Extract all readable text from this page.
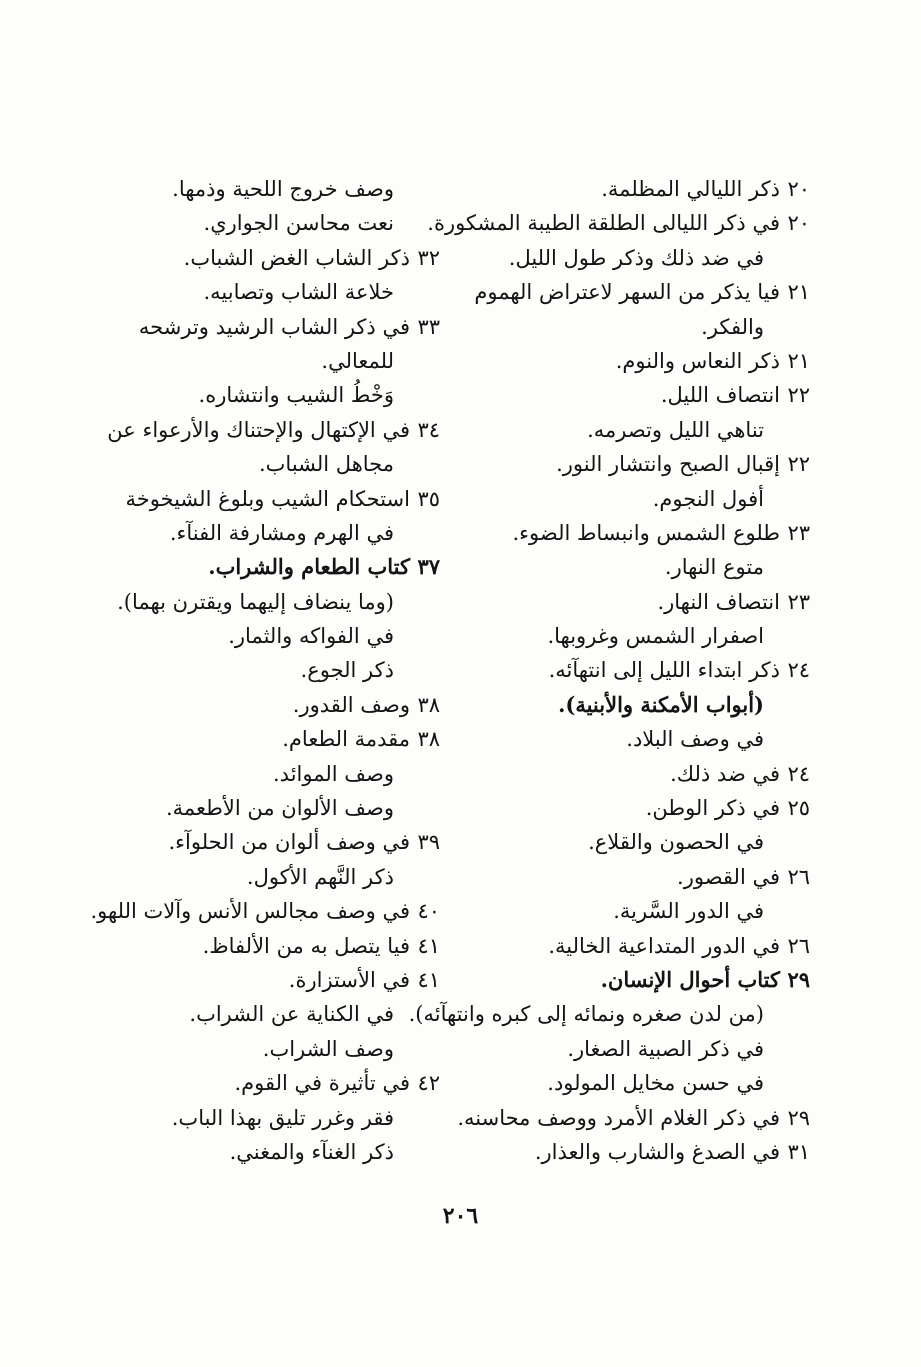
٢٠
ذكر الليالي المظلمة.
٢٠
في ذكر الليالى الطلقة الطيبة المشكورة.
في ضد ذلك وذكر طول الليل.
٢١
فيا يذكر من السهر لاعتراض الهموم
والفكر.
٢١
ذكر النعاس والنوم.
٢٢
انتصاف الليل.
تناهي الليل وتصرمه.
٢٢
إقبال الصبح وانتشار النور.
أفول النجوم.
٢٣
طلوع الشمس وانبساط الضوء.
متوع النهار.
٢٣
انتصاف النهار.
اصفرار الشمس وغروبها.
٢٤
ذكر ابتداء الليل إلى انتهآئه.
(أبواب الأمكنة والأبنية).
في وصف البلاد.
٢٤
في ضد ذلك.
٢٥
في ذكر الوطن.
في الحصون والقلاع.
٢٦
في القصور.
في الدور السَّرية.
٢٦
في الدور المتداعية الخالية.
٢٩
كتاب أحوال الإنسان.
(من لدن صغره ونمائه إلى كبره وانتهآئه).
في ذكر الصبية الصغار.
في حسن مخايل المولود.
٢٩
في ذكر الغلام الأمرد ووصف محاسنه.
٣١
في الصدغ والشارب والعذار.
وصف خروج اللحية وذمها.
نعت محاسن الجواري.
٣٢
ذكر الشاب الغض الشباب.
خلاعة الشاب وتصابيه.
٣٣
في ذكر الشاب الرشيد وترشحه
للمعالي.
وَخْطُ الشيب وانتشاره.
٣٤
في الإكتهال والإحتناك والأرعواء عن
مجاهل الشباب.
٣٥
استحكام الشيب وبلوغ الشيخوخة
في الهرم ومشارفة الفنآء.
٣٧
كتاب الطعام والشراب.
(وما ينضاف إليهما ويقترن بهما).
في الفواكه والثمار.
ذكر الجوع.
٣٨
وصف القدور.
٣٨
مقدمة الطعام.
وصف الموائد.
وصف الألوان من الأطعمة.
٣٩
في وصف ألوان من الحلوآء.
ذكر النَّهم الأكول.
٤٠
في وصف مجالس الأنس وآلات اللهو.
٤١
فيا يتصل به من الألفاظ.
٤١
في الأستزارة.
في الكناية عن الشراب.
وصف الشراب.
٤٢
في تأثيرة في القوم.
فقر وغرر تليق بهذا الباب.
ذكر الغنآء والمغني.
٢٠٦
